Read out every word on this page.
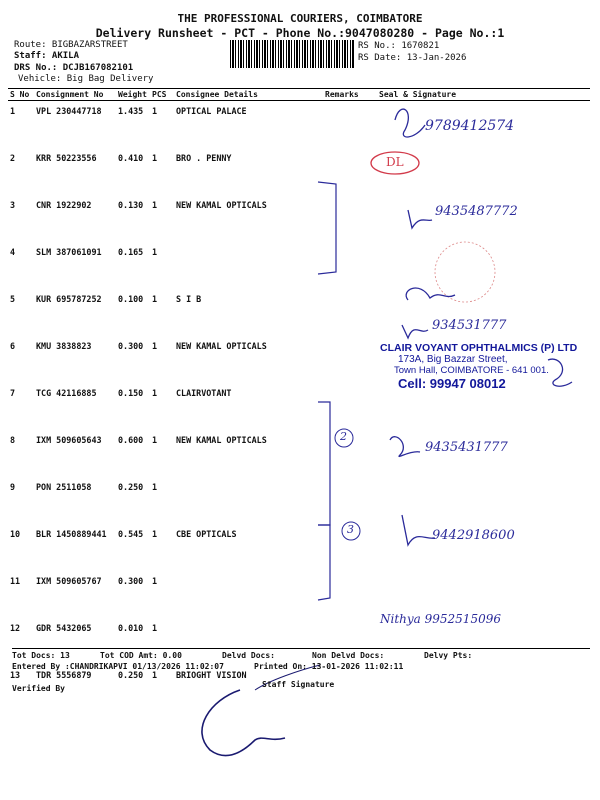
THE PROFESSIONAL COURIERS, COIMBATORE
Delivery Runsheet - PCT - Phone No.:9047080280 - Page No.:1
Route: BIGBAZARSTREET
Staff: AKILA
DRS No.: DCJB167082101
Vehicle: Big Bag Delivery
RS No.: 1670821
RS Date: 13-Jan-2026
S No	Consignment No	Weight	PCS	Consignee Details	Remarks	Seal & Signature
1	VPL 230447718	1.435	1	OPTICAL PALACE		
2	KRR 50223556	0.410	1	BRO . PENNY		
3	CNR 1922902	0.130	1	NEW KAMAL OPTICALS		
4	SLM 387061091	0.165	1			
5	KUR 695787252	0.100	1	S I B		
6	KMU 3838823	0.300	1	NEW KAMAL OPTICALS		
7	TCG 42116885	0.150	1	CLAIRVOTANT		
8	IXM 509605643	0.600	1	NEW KAMAL OPTICALS		
9	PON 2511058	0.250	1			
10	BLR 1450889441	0.545	1	CBE OPTICALS		
11	IXM 509605767	0.300	1			
12	GDR 5432065	0.010	1			
13	TDR 5556879	0.250	1	BRIOGHT VISION		
9789412574
DL
9435487772
934531777
9435431777
9442918600
Nithya 9952515096
2
3
CLAIR VOYANT OPHTHALMICS (P) LTD
173A, Big Bazzar Street,
Town Hall, COIMBATORE - 641 001.
Cell: 99947 08012
Tot Docs: 13	Tot COD Amt: 0.00	Delvd Docs:	Non Delvd Docs:	Delvy Pts:
Entered By :CHANDRIKAPVI 01/13/2026 11:02:07	Printed On: 13-01-2026 11:02:11
Verified By	Staff Signature
